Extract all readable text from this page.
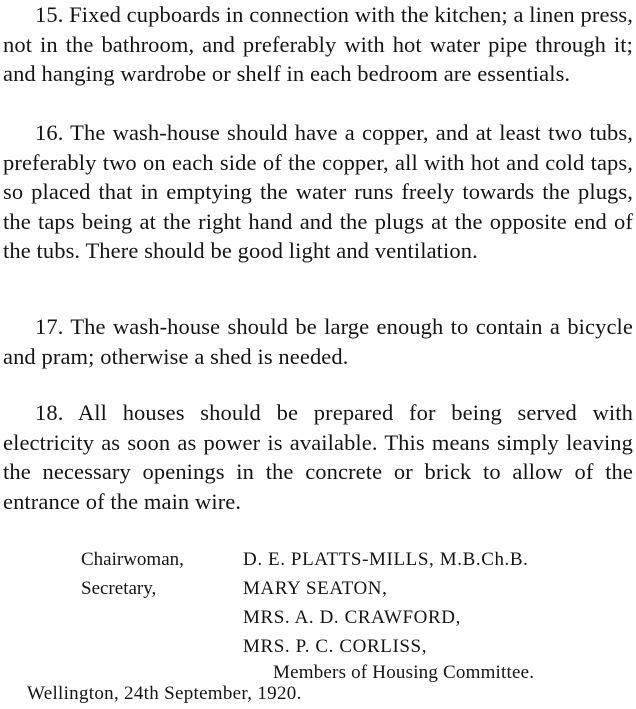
15. Fixed cupboards in connection with the kitchen; a linen press, not in the bathroom, and preferably with hot water pipe through it; and hanging wardrobe or shelf in each bedroom are essentials.

16. The wash-house should have a copper, and at least two tubs, preferably two on each side of the copper, all with hot and cold taps, so placed that in emptying the water runs freely towards the plugs, the taps being at the right hand and the plugs at the opposite end of the tubs. There should be good light and ventilation.

17. The wash-house should be large enough to contain a bicycle and pram; otherwise a shed is needed.

18. All houses should be prepared for being served with electricity as soon as power is available. This means simply leaving the necessary openings in the concrete or brick to allow of the entrance of the main wire.

Chairwoman,	D. E. PLATTS-MILLS, M.B.Ch.B.
Secretary,	MARY SEATON,
MRS. A. D. CRAWFORD,
MRS. P. C. CORLISS,
Members of Housing Committee.
Wellington, 24th September, 1920.
